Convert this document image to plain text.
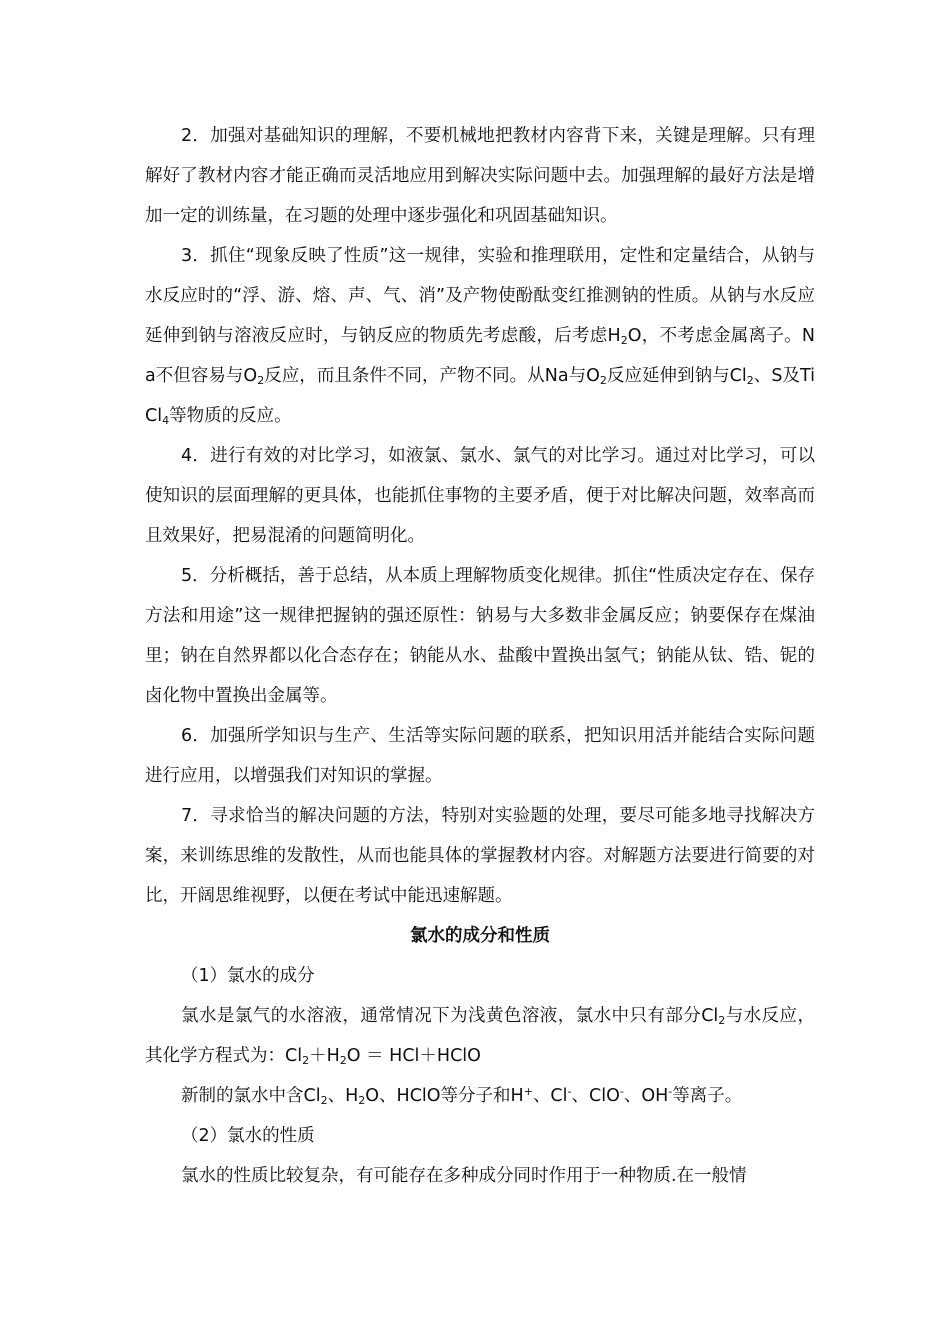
2．加强对基础知识的理解，不要机械地把教材内容背下来，关键是理解。只有理解好了教材内容才能正确而灵活地应用到解决实际问题中去。加强理解的最好方法是增加一定的训练量，在习题的处理中逐步强化和巩固基础知识。

3．抓住“现象反映了性质”这一规律，实验和推理联用，定性和定量结合，从钠与水反应时的“浮、游、熔、声、气、消”及产物使酚酞变红推测钠的性质。从钠与水反应延伸到钠与溶液反应时，与钠反应的物质先考虑酸，后考虑$H_2O$，不考虑金属离子。Na不但容易与$O_2$反应，而且条件不同，产物不同。从Na与$O_2$反应延伸到钠与$Cl_2$、S及TiCl$_4$等物质的反应。

4．进行有效的对比学习，如液氯、氯水、氯气的对比学习。通过对比学习，可以使知识的层面理解的更具体，也能抓住事物的主要矛盾，便于对比解决问题，效率高而且效果好，把易混淆的问题简明化。

5．分析概括，善于总结，从本质上理解物质变化规律。抓住“性质决定存在、保存方法和用途”这一规律把握钠的强还原性：钠易与大多数非金属反应；钠要保存在煤油里；钠在自然界都以化合态存在；钠能从水、盐酸中置换出氢气；钠能从钛、锆、铌的卤化物中置换出金属等。

6．加强所学知识与生产、生活等实际问题的联系，把知识用活并能结合实际问题进行应用，以增强我们对知识的掌握。

7．寻求恰当的解决问题的方法，特别对实验题的处理，要尽可能多地寻找解决方案，来训练思维的发散性，从而也能具体的掌握教材内容。对解题方法要进行简要的对比，开阔思维视野，以便在考试中能迅速解题。

氯水的成分和性质

（1）氯水的成分

氯水是氯气的水溶液，通常情况下为浅黄色溶液，氯水中只有部分$Cl_2$与水反应，其化学方程式为：$Cl_2+H_2O$ ＝ HCl＋HClO

新制的氯水中含$Cl_2$、$H_2O$、HClO等分子和H+、Cl-、ClO-、OH-等离子。

（2）氯水的性质

氯水的性质比较复杂，有可能存在多种成分同时作用于一种物质.在一般情
